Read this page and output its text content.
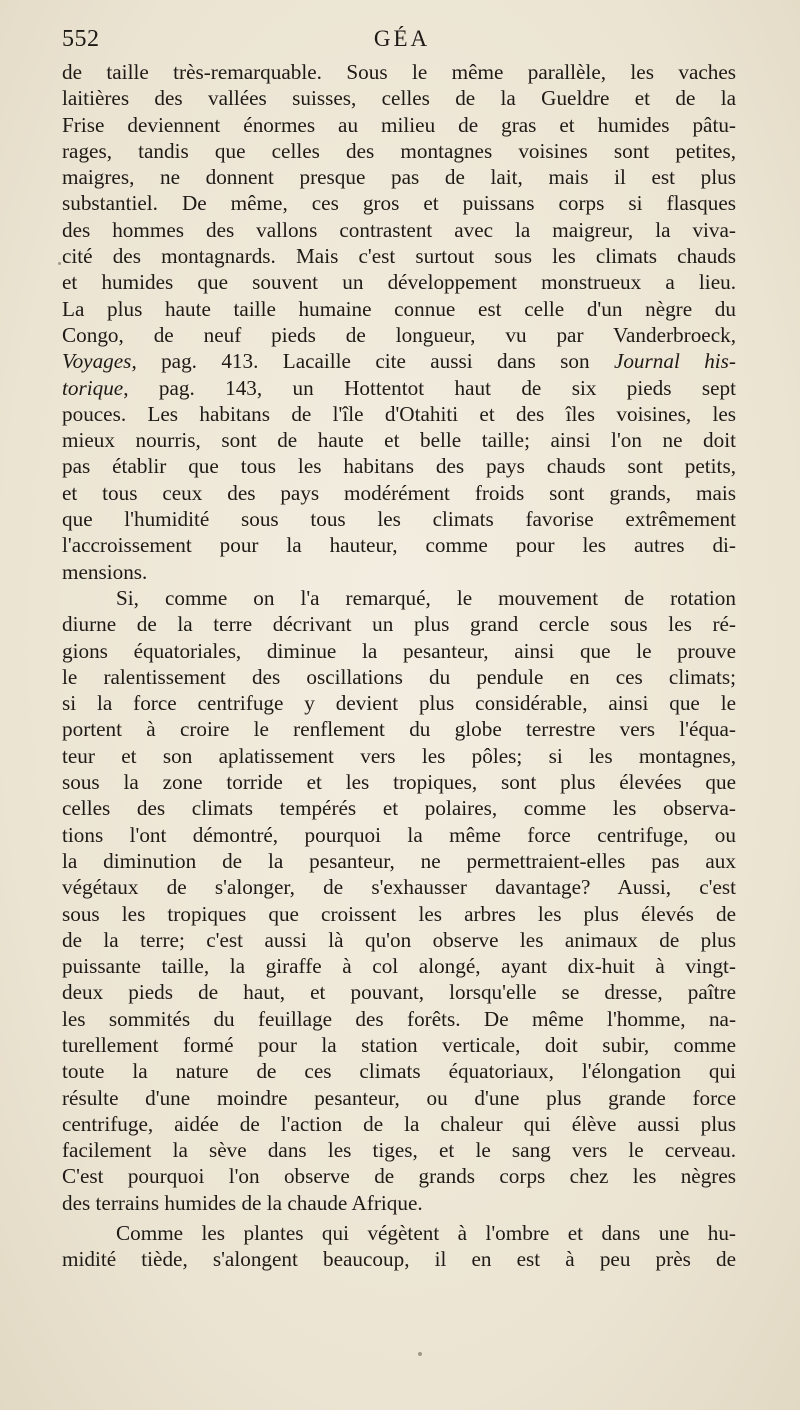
552	GÉA
de taille très-remarquable. Sous le même parallèle, les vaches
laitières des vallées suisses, celles de la Gueldre et de la
Frise deviennent énormes au milieu de gras et humides pâtu-
rages, tandis que celles des montagnes voisines sont petites,
maigres, ne donnent presque pas de lait, mais il est plus
substantiel. De même, ces gros et puissans corps si flasques
des hommes des vallons contrastent avec la maigreur, la viva-
cité des montagnards. Mais c'est surtout sous les climats chauds
et humides que souvent un développement monstrueux a lieu.
La plus haute taille humaine connue est celle d'un nègre du
Congo, de neuf pieds de longueur, vu par Vanderbroeck,
Voyages, pag. 413. Lacaille cite aussi dans son Journal his-
torique, pag. 143, un Hottentot haut de six pieds sept
pouces. Les habitans de l'île d'Otahiti et des îles voisines, les
mieux nourris, sont de haute et belle taille; ainsi l'on ne doit
pas établir que tous les habitans des pays chauds sont petits,
et tous ceux des pays modérément froids sont grands, mais
que l'humidité sous tous les climats favorise extrêmement
l'accroissement pour la hauteur, comme pour les autres di-
mensions.
Si, comme on l'a remarqué, le mouvement de rotation
diurne de la terre décrivant un plus grand cercle sous les ré-
gions équatoriales, diminue la pesanteur, ainsi que le prouve
le ralentissement des oscillations du pendule en ces climats;
si la force centrifuge y devient plus considérable, ainsi que le
portent à croire le renflement du globe terrestre vers l'équa-
teur et son aplatissement vers les pôles; si les montagnes,
sous la zone torride et les tropiques, sont plus élevées que
celles des climats tempérés et polaires, comme les observa-
tions l'ont démontré, pourquoi la même force centrifuge, ou
la diminution de la pesanteur, ne permettraient-elles pas aux
végétaux de s'alonger, de s'exhausser davantage? Aussi, c'est
sous les tropiques que croissent les arbres les plus élevés de
de la terre; c'est aussi là qu'on observe les animaux de plus
puissante taille, la giraffe à col alongé, ayant dix-huit à vingt-
deux pieds de haut, et pouvant, lorsqu'elle se dresse, paître
les sommités du feuillage des forêts. De même l'homme, na-
turellement formé pour la station verticale, doit subir, comme
toute la nature de ces climats équatoriaux, l'élongation qui
résulte d'une moindre pesanteur, ou d'une plus grande force
centrifuge, aidée de l'action de la chaleur qui élève aussi plus
facilement la sève dans les tiges, et le sang vers le cerveau.
C'est pourquoi l'on observe de grands corps chez les nègres
des terrains humides de la chaude Afrique.
Comme les plantes qui végètent à l'ombre et dans une hu-
midité tiède, s'alongent beaucoup, il en est à peu près de
